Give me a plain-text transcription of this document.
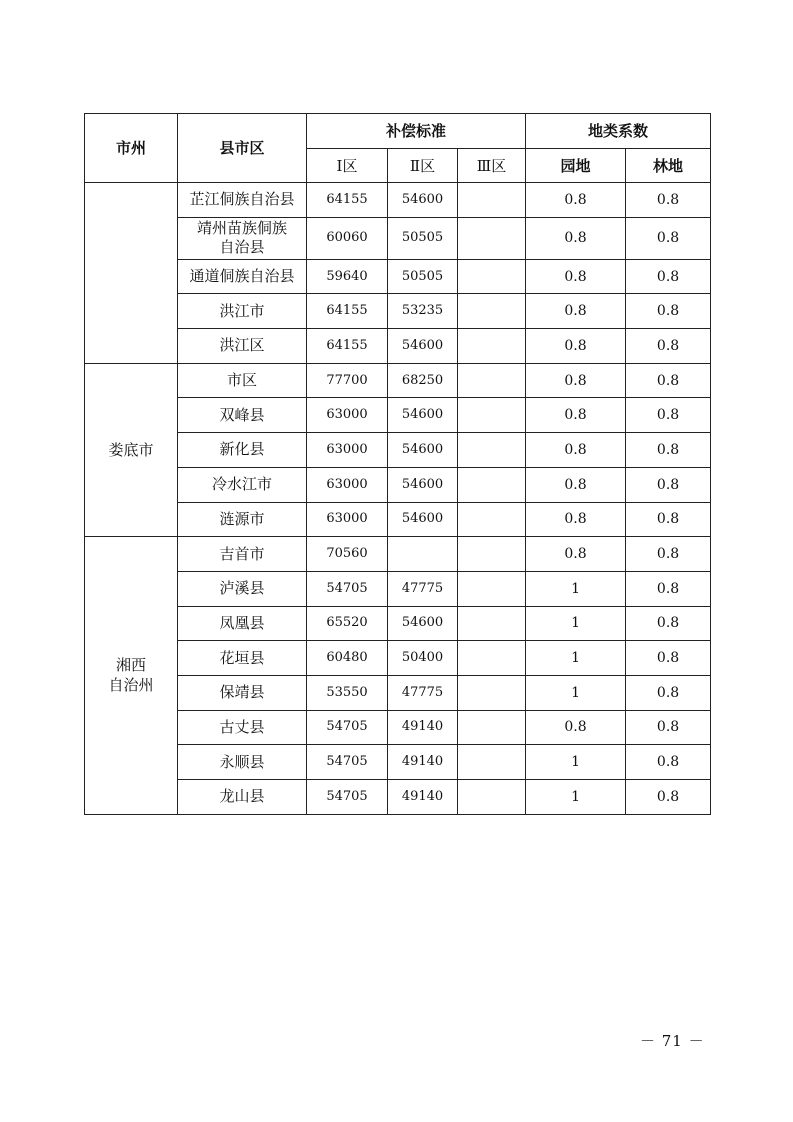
市州	县市区	补偿标准			地类系数	
		Ⅰ区	Ⅱ区	Ⅲ区	园地	林地
	芷江侗族自治县	64155	54600		0.8	0.8
	靖州苗族侗族
自治县	60060	50505		0.8	0.8
	通道侗族自治县	59640	50505		0.8	0.8
	洪江市	64155	53235		0.8	0.8
	洪江区	64155	54600		0.8	0.8
娄底市	市区	77700	68250		0.8	0.8
	双峰县	63000	54600		0.8	0.8
	新化县	63000	54600		0.8	0.8
	冷水江市	63000	54600		0.8	0.8
	涟源市	63000	54600		0.8	0.8
湘西
自治州	吉首市	70560			0.8	0.8
	泸溪县	54705	47775		1	0.8
	凤凰县	65520	54600		1	0.8
	花垣县	60480	50400		1	0.8
	保靖县	53550	47775		1	0.8
	古丈县	54705	49140		0.8	0.8
	永顺县	54705	49140		1	0.8
	龙山县	54705	49140		1	0.8
－ 71 －
